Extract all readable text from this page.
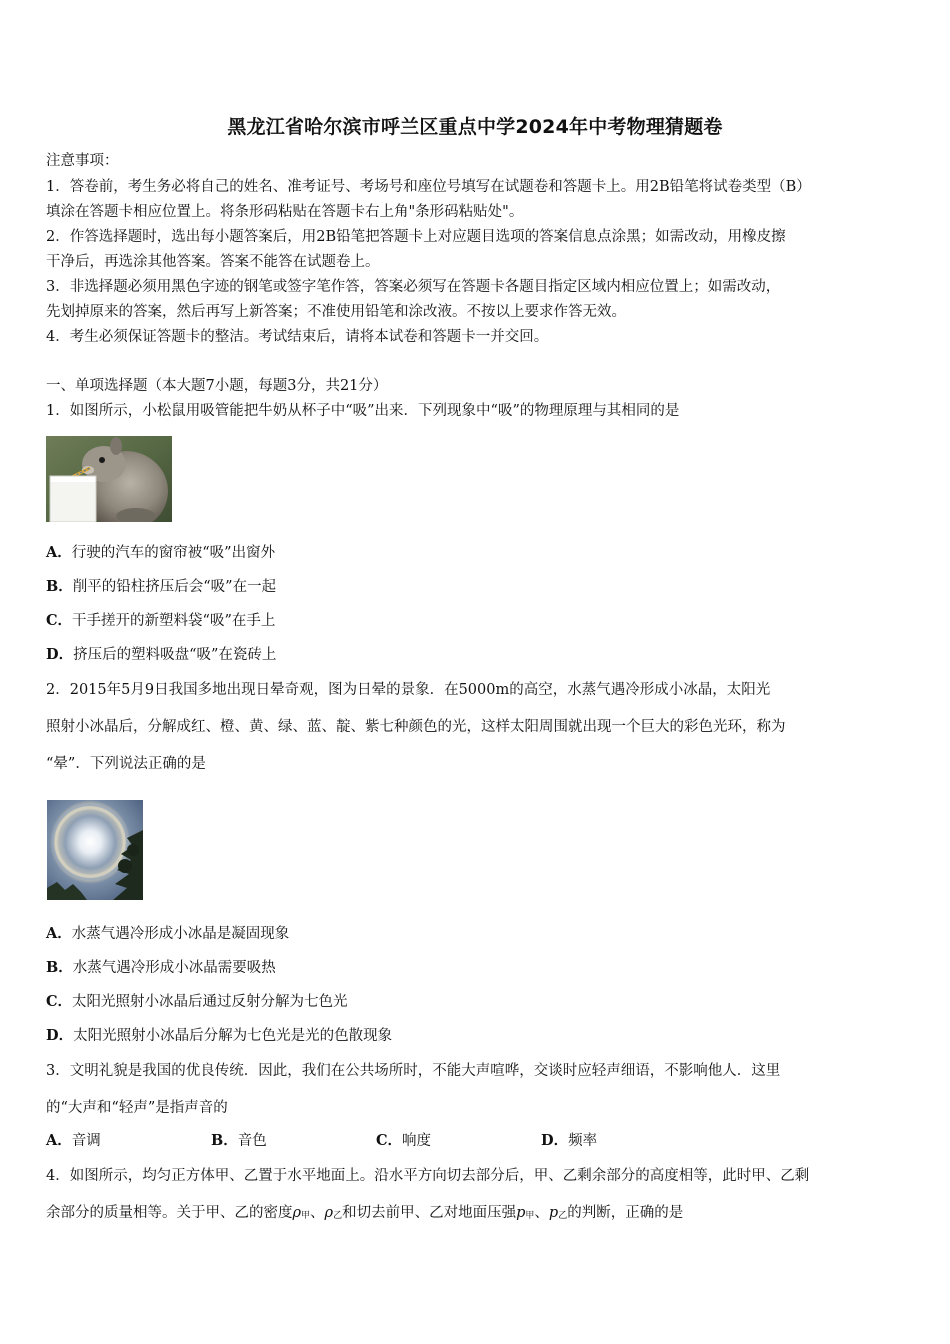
黑龙江省哈尔滨市呼兰区重点中学2024年中考物理猜题卷
注意事项：
1．答卷前，考生务必将自己的姓名、准考证号、考场号和座位号填写在试题卷和答题卡上。用2B铅笔将试卷类型（B）
填涂在答题卡相应位置上。将条形码粘贴在答题卡右上角"条形码粘贴处"。
2．作答选择题时，选出每小题答案后，用2B铅笔把答题卡上对应题目选项的答案信息点涂黑；如需改动，用橡皮擦
干净后，再选涂其他答案。答案不能答在试题卷上。
3．非选择题必须用黑色字迹的钢笔或签字笔作答，答案必须写在答题卡各题目指定区域内相应位置上；如需改动，
先划掉原来的答案，然后再写上新答案；不准使用铅笔和涂改液。不按以上要求作答无效。
4．考生必须保证答题卡的整洁。考试结束后，请将本试卷和答题卡一并交回。
一、单项选择题（本大题7小题，每题3分，共21分）
1．如图所示，小松鼠用吸管能把牛奶从杯子中“吸”出来．下列现象中“吸”的物理原理与其相同的是
A．行驶的汽车的窗帘被“吸”出窗外
B．削平的铅柱挤压后会“吸”在一起
C．干手搓开的新塑料袋“吸”在手上
D．挤压后的塑料吸盘“吸”在瓷砖上
2．2015年5月9日我国多地出现日晕奇观，图为日晕的景象．在5000m的高空，水蒸气遇冷形成小冰晶，太阳光
照射小冰晶后，分解成红、橙、黄、绿、蓝、靛、紫七种颜色的光，这样太阳周围就出现一个巨大的彩色光环，称为
“晕”．下列说法正确的是
A．水蒸气遇冷形成小冰晶是凝固现象
B．水蒸气遇冷形成小冰晶需要吸热
C．太阳光照射小冰晶后通过反射分解为七色光
D．太阳光照射小冰晶后分解为七色光是光的色散现象
3．文明礼貌是我国的优良传统．因此，我们在公共场所时，不能大声喧哗，交谈时应轻声细语，不影响他人．这里
的“大声和“轻声”是指声音的
A．音调	B．音色	C．响度	D．频率
4．如图所示，均匀正方体甲、乙置于水平地面上。沿水平方向切去部分后，甲、乙剩余部分的高度相等，此时甲、乙剩
余部分的质量相等。关于甲、乙的密度$\rho_甲$、$\rho_乙$和切去前甲、乙对地面压强$p_甲$、$p_乙$的判断，正确的是
